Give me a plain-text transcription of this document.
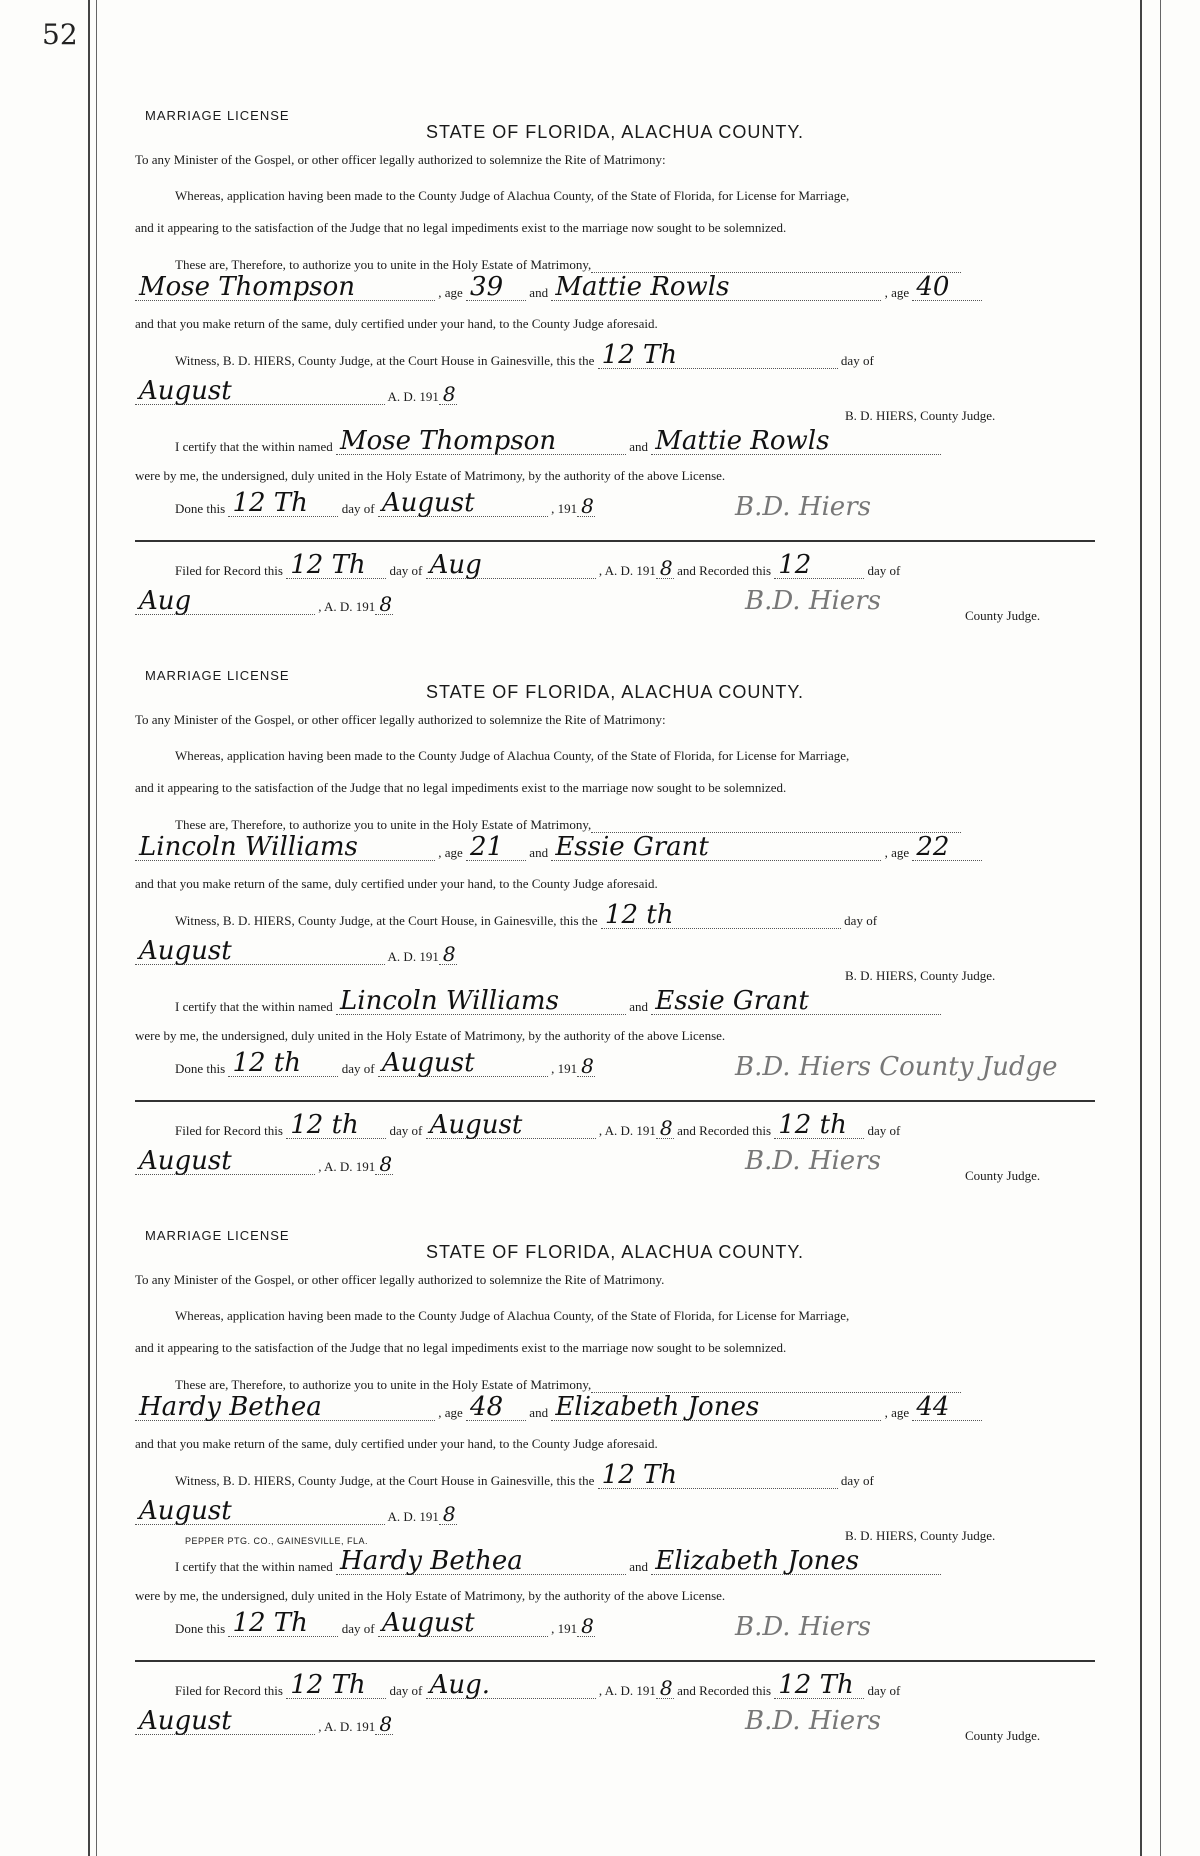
52
MARRIAGE LICENSE
STATE OF FLORIDA, ALACHUA COUNTY.
To any Minister of the Gospel, or other officer legally authorized to solemnize the Rite of Matrimony:
Whereas, application having been made to the County Judge of Alachua County, of the State of Florida, for License for Marriage,
and it appearing to the satisfaction of the Judge that no legal impediments exist to the marriage now sought to be solemnized.
These are, Therefore, to authorize you to unite in the Holy Estate of Matrimony,
Mose Thompson	, age 39 and Mattie Rowls	, age 40
and that you make return of the same, duly certified under your hand, to the County Judge aforesaid.
Witness, B. D. HIERS, County Judge, at the Court House in Gainesville, this the 12 Th	day of
August	A. D. 191 8
B. D. HIERS, County Judge.
I certify that the within named Mose Thompson	and Mattie Rowls
were by me, the undersigned, duly united in the Holy Estate of Matrimony, by the authority of the above License.
Done this 12 Th	day of August	, 191 8	B.D. Hiers
Filed for Record this 12 Th day of Aug	, A. D. 191 8 and Recorded this 12	day of
Aug	, A. D. 191 8	B.D. Hiers	County Judge.
MARRIAGE LICENSE
STATE OF FLORIDA, ALACHUA COUNTY.
To any Minister of the Gospel, or other officer legally authorized to solemnize the Rite of Matrimony:
Whereas, application having been made to the County Judge of Alachua County, of the State of Florida, for License for Marriage,
and it appearing to the satisfaction of the Judge that no legal impediments exist to the marriage now sought to be solemnized.
These are, Therefore, to authorize you to unite in the Holy Estate of Matrimony,
Lincoln Williams	, age 21 and Essie Grant	, age 22
and that you make return of the same, duly certified under your hand, to the County Judge aforesaid.
Witness, B. D. HIERS, County Judge, at the Court House, in Gainesville, this the 12 th	day of
August	A. D. 191 8
B. D. HIERS, County Judge.
I certify that the within named Lincoln Williams	and Essie Grant
were by me, the undersigned, duly united in the Holy Estate of Matrimony, by the authority of the above License.
Done this 12 th	day of August	, 191 8	B.D. Hiers County Judge
Filed for Record this 12 th day of August	, A. D. 191 8 and Recorded this 12 th day of
August	, A. D. 191 8	B.D. Hiers	County Judge.
MARRIAGE LICENSE
STATE OF FLORIDA, ALACHUA COUNTY.
To any Minister of the Gospel, or other officer legally authorized to solemnize the Rite of Matrimony.
Whereas, application having been made to the County Judge of Alachua County, of the State of Florida, for License for Marriage,
and it appearing to the satisfaction of the Judge that no legal impediments exist to the marriage now sought to be solemnized.
These are, Therefore, to authorize you to unite in the Holy Estate of Matrimony,
Hardy Bethea	, age 48 and Elizabeth Jones	, age 44
and that you make return of the same, duly certified under your hand, to the County Judge aforesaid.
Witness, B. D. HIERS, County Judge, at the Court House in Gainesville, this the 12 Th	day of
August	A. D. 191 8
B. D. HIERS, County Judge.
I certify that the within named Hardy Bethea	and Elizabeth Jones
were by me, the undersigned, duly united in the Holy Estate of Matrimony, by the authority of the above License.
Done this 12 Th	day of August	, 191 8	B.D. Hiers
Filed for Record this 12 Th day of Aug.	, A. D. 191 8 and Recorded this 12 Th day of
August	, A. D. 191 8	B.D. Hiers	County Judge.
PEPPER PTG. CO., GAINESVILLE, FLA.
